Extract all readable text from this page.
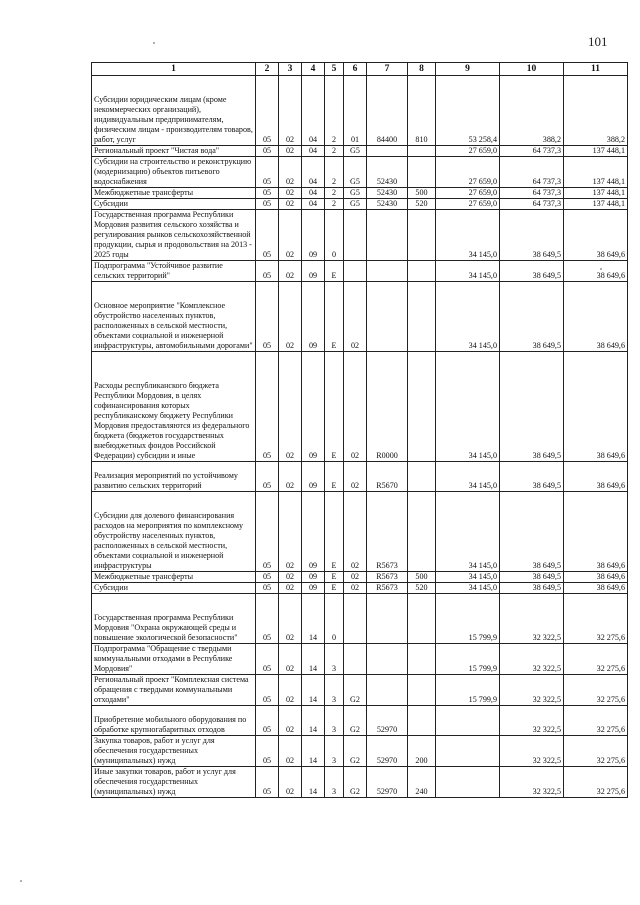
101
1	2	3	4	5	6	7	8	9	10	11
Субсидии юридическим лицам (кроме некоммерческих организаций), индивидуальным предпринимателям, физическим лицам - производителям товаров, работ, услуг	05	02	04	2	01	84400	810	53 258,4	388,2	388,2
Региональный проект "Чистая вода"	05	02	04	2	G5			27 659,0	64 737,3	137 448,1
Субсидии на строительство и реконструкцию (модернизацию) объектов питьевого водоснабжения	05	02	04	2	G5	52430		27 659,0	64 737,3	137 448,1
Межбюджетные трансферты	05	02	04	2	G5	52430	500	27 659,0	64 737,3	137 448,1
Субсидии	05	02	04	2	G5	52430	520	27 659,0	64 737,3	137 448,1
Государственная программа Республики Мордовия развития сельского хозяйства и регулирования рынков сельскохозяйственной продукции, сырья и продовольствия на 2013 - 2025 годы	05	02	09	0				34 145,0	38 649,5	38 649,6
Подпрограмма "Устойчивое развитие сельских территорий"	05	02	09	Е				34 145,0	38 649,5	38 649,6
Основное мероприятие "Комплексное обустройство населенных пунктов, расположенных в сельской местности, объектами социальной и инженерной инфраструктуры, автомобильными дорогами"	05	02	09	Е	02			34 145,0	38 649,5	38 649,6
Расходы республиканского бюджета Республики Мордовия, в целях софинансирования которых республиканскому бюджету Республики Мордовия предоставляются из федерального бюджета (бюджетов государственных внебюджетных фондов Российской Федерации) субсидии и иные	05	02	09	Е	02	R0000		34 145,0	38 649,5	38 649,6
Реализация мероприятий по устойчивому развитию сельских территорий	05	02	09	Е	02	R5670		34 145,0	38 649,5	38 649,6
Субсидии для долевого финансирования расходов на мероприятия по комплексному обустройству населенных пунктов, расположенных в сельской местности, объектами социальной и инженерной инфраструктуры	05	02	09	Е	02	R5673		34 145,0	38 649,5	38 649,6
Межбюджетные трансферты	05	02	09	Е	02	R5673	500	34 145,0	38 649,5	38 649,6
Субсидии	05	02	09	Е	02	R5673	520	34 145,0	38 649,5	38 649,6
Государственная программа Республики Мордовия "Охрана окружающей среды и повышение экологической безопасности"	05	02	14	0				15 799,9	32 322,5	32 275,6
Подпрограмма "Обращение с твердыми коммунальными отходами в Республике Мордовия"	05	02	14	3				15 799,9	32 322,5	32 275,6
Региональный проект "Комплексная система обращения с твердыми коммунальными отходами"	05	02	14	3	G2			15 799,9	32 322,5	32 275,6
Приобретение мобильного оборудования по обработке крупногабаритных отходов	05	02	14	3	G2	52970			32 322,5	32 275,6
Закупка товаров, работ и услуг для обеспечения государственных (муниципальных) нужд	05	02	14	3	G2	52970	200		32 322,5	32 275,6
Иные закупки товаров, работ и услуг для обеспечения государственных (муниципальных) нужд	05	02	14	3	G2	52970	240		32 322,5	32 275,6
